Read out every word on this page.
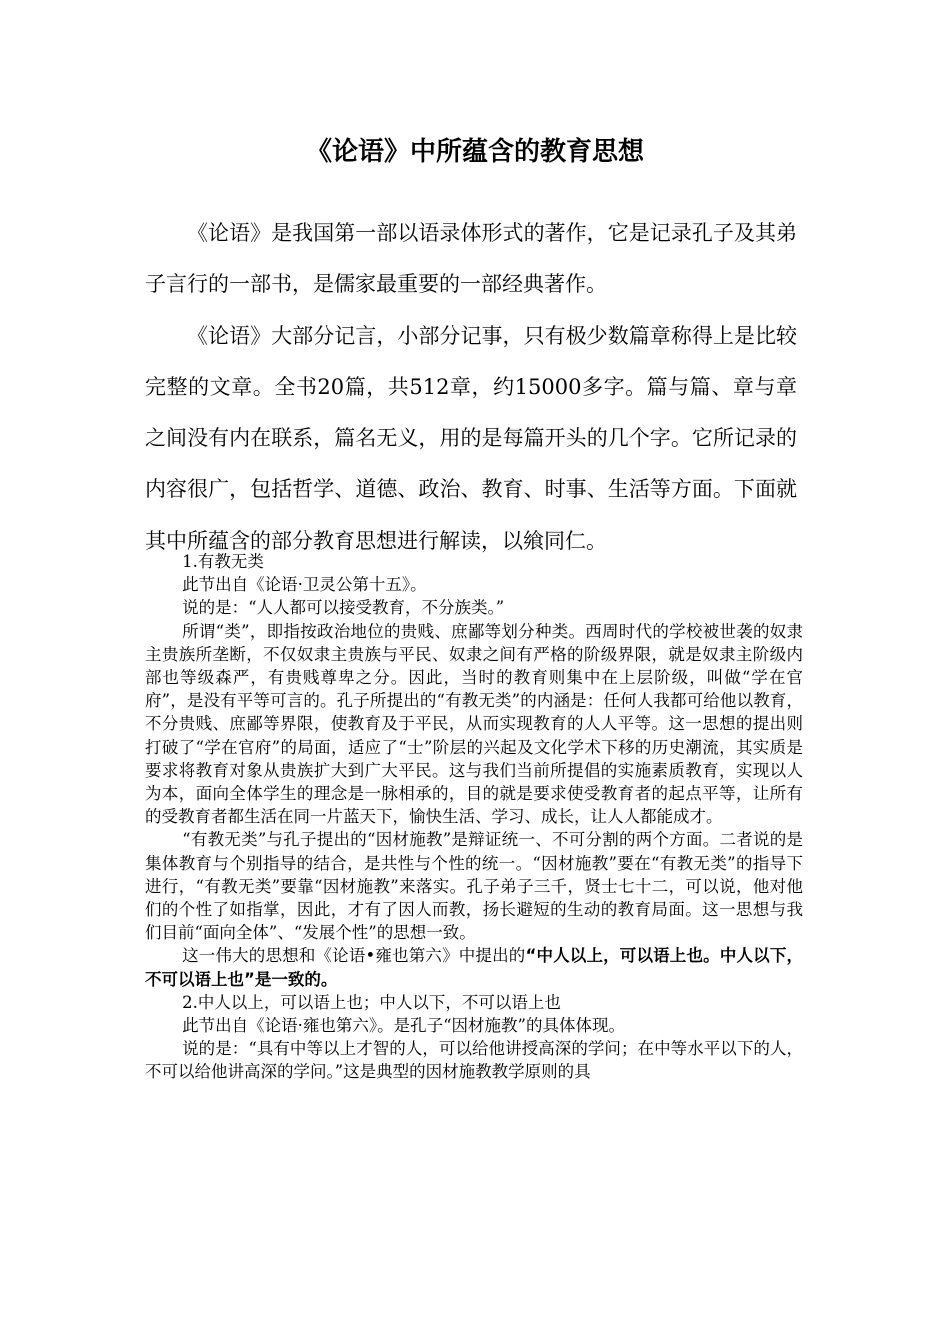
《论语》中所蕴含的教育思想

《论语》是我国第一部以语录体形式的著作，它是记录孔子及其弟子言行的一部书，是儒家最重要的一部经典著作。

《论语》大部分记言，小部分记事，只有极少数篇章称得上是比较完整的文章。全书20篇，共512章，约15000多字。篇与篇、章与章之间没有内在联系，篇名无义，用的是每篇开头的几个字。它所记录的内容很广，包括哲学、道德、政治、教育、时事、生活等方面。下面就其中所蕴含的部分教育思想进行解读，以飨同仁。

1.有教无类

此节出自《论语·卫灵公第十五》。

说的是：“人人都可以接受教育，不分族类。”

所谓“类”，即指按政治地位的贵贱、庶鄙等划分种类。西周时代的学校被世袭的奴隶主贵族所垄断，不仅奴隶主贵族与平民、奴隶之间有严格的阶级界限，就是奴隶主阶级内部也等级森严，有贵贱尊卑之分。因此，当时的教育则集中在上层阶级，叫做“学在官府”，是没有平等可言的。孔子所提出的“有教无类”的内涵是：任何人我都可给他以教育，不分贵贱、庶鄙等界限，使教育及于平民，从而实现教育的人人平等。这一思想的提出则打破了“学在官府”的局面，适应了“士”阶层的兴起及文化学术下移的历史潮流，其实质是要求将教育对象从贵族扩大到广大平民。这与我们当前所提倡的实施素质教育，实现以人为本，面向全体学生的理念是一脉相承的，目的就是要求使受教育者的起点平等，让所有的受教育者都生活在同一片蓝天下，愉快生活、学习、成长，让人人都能成才。

“有教无类”与孔子提出的“因材施教”是辩证统一、不可分割的两个方面。二者说的是集体教育与个别指导的结合，是共性与个性的统一。“因材施教”要在“有教无类”的指导下进行，“有教无类”要靠“因材施教”来落实。孔子弟子三千，贤士七十二，可以说，他对他们的个性了如指掌，因此，才有了因人而教，扬长避短的生动的教育局面。这一思想与我们目前“面向全体”、“发展个性”的思想一致。

这一伟大的思想和《论语•雍也第六》中提出的“中人以上，可以语上也。中人以下，不可以语上也”是一致的。

2.中人以上，可以语上也；中人以下，不可以语上也

此节出自《论语·雍也第六》。是孔子“因材施教”的具体体现。

说的是：“具有中等以上才智的人，可以给他讲授高深的学问；在中等水平以下的人，不可以给他讲高深的学问。”这是典型的因材施教教学原则的具
